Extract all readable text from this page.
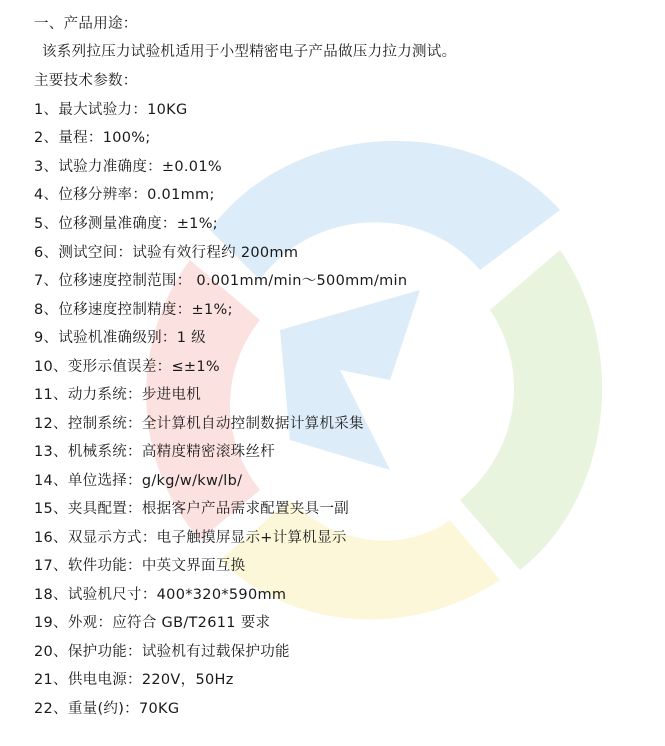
一、产品用途：
该系列拉压力试验机适用于小型精密电子产品做压力拉力测试。
主要技术参数：
1、最大试验力：10KG
2、量程：100%;
3、试验力准确度：±0.01%
4、位移分辨率：0.01mm;
5、位移测量准确度：±1%;
6、测试空间：试验有效行程约 200mm
7、位移速度控制范围： 0.001mm/min～500mm/min
8、位移速度控制精度：±1%;
9、试验机准确级别：1 级
10、变形示值误差：≤±1%
11、动力系统：步进电机
12、控制系统：全计算机自动控制数据计算机采集
13、机械系统：高精度精密滚珠丝杆
14、单位选择：g/kg/w/kw/lb/
15、夹具配置：根据客户产品需求配置夹具一副
16、双显示方式：电子触摸屏显示+计算机显示
17、软件功能：中英文界面互换
18、试验机尺寸：400*320*590mm
19、外观：应符合 GB/T2611 要求
20、保护功能：试验机有过载保护功能
21、供电电源：220V，50Hz
22、重量(约)：70KG
